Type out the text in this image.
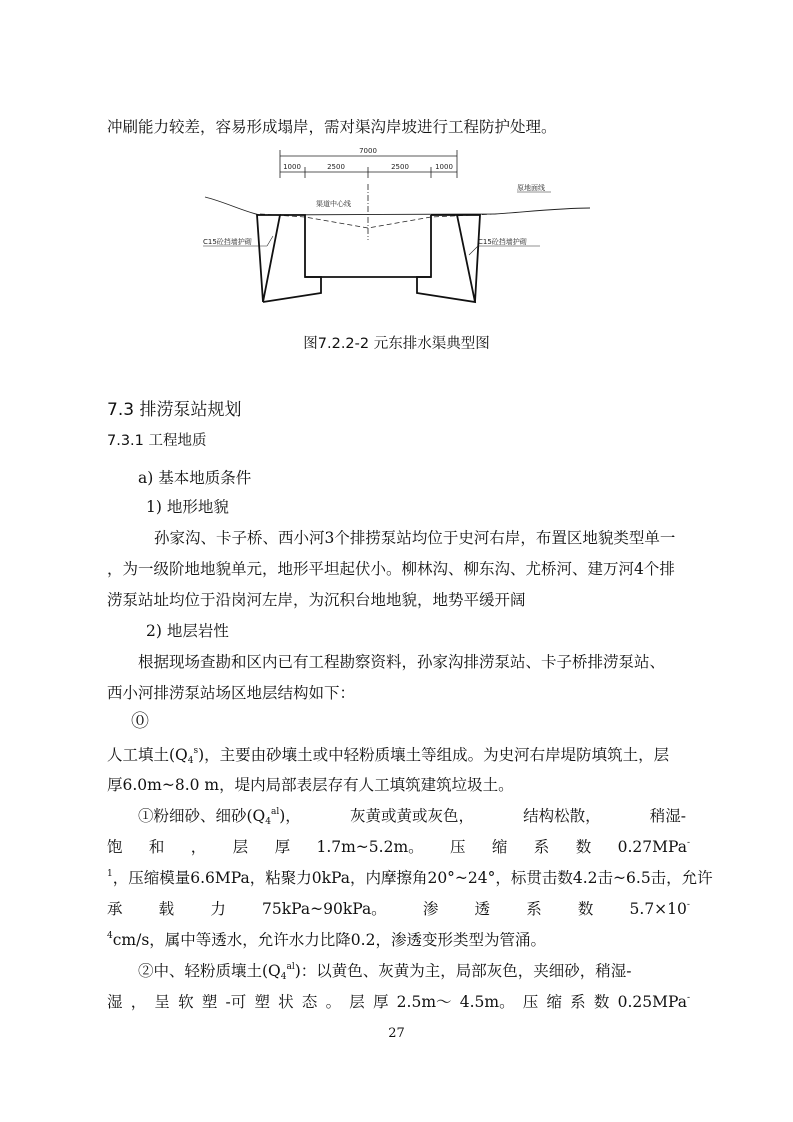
冲刷能力较差，容易形成塌岸，需对渠沟岸坡进行工程防护处理。
7000
1000	2500	2500	1000
渠道中心线
原地面线
C15砼挡墙护砌	C15砼挡墙护砌
图7.2.2-2 元东排水渠典型图
7.3 排涝泵站规划
7.3.1 工程地质
a) 基本地质条件
1) 地形地貌
孙家沟、卡子桥、西小河3个排捞泵站均位于史河右岸，布置区地貌类型单一
，为一级阶地地貌单元，地形平坦起伏小。柳林沟、柳东沟、尤桥河、建万河4个排
涝泵站址均位于沿岗河左岸，为沉积台地地貌，地势平缓开阔
2) 地层岩性
根据现场查勘和区内已有工程勘察资料，孙家沟排涝泵站、卡子桥排涝泵站、
西小河排涝泵站场区地层结构如下：
⓪
人工填土$(Q_4^s)$，主要由砂壤土或中轻粉质壤土等组成。为史河右岸堤防填筑土，层
厚6.0m~8.0 m，堤内局部表层存有人工填筑建筑垃圾土。
①粉细砂、细砂$(Q_4^{al})$，	灰黄或黄或灰色，	结构松散，	稍湿-
饱 和 ， 层 厚 1.7m~5.2m。 压 缩 系 数 0.27MPa-
$^1$，压缩模量6.6MPa，粘聚力0kPa，内摩擦角20°~24°，标贯击数4.2击~6.5击，允许
承 载 力 75kPa~90kPa。 渗 透 系 数 5.7×10-
$^4$cm/s，属中等透水，允许水力比降0.2，渗透变形类型为管涌。
②中、轻粉质壤土$(Q_4^{al})$：以黄色、灰黄为主，局部灰色，夹细砂，稍湿-
湿 ， 呈 软 塑 -可 塑 状 态 。 层 厚 2.5m～ 4.5m。 压 缩 系 数 0.25MPa-
27
